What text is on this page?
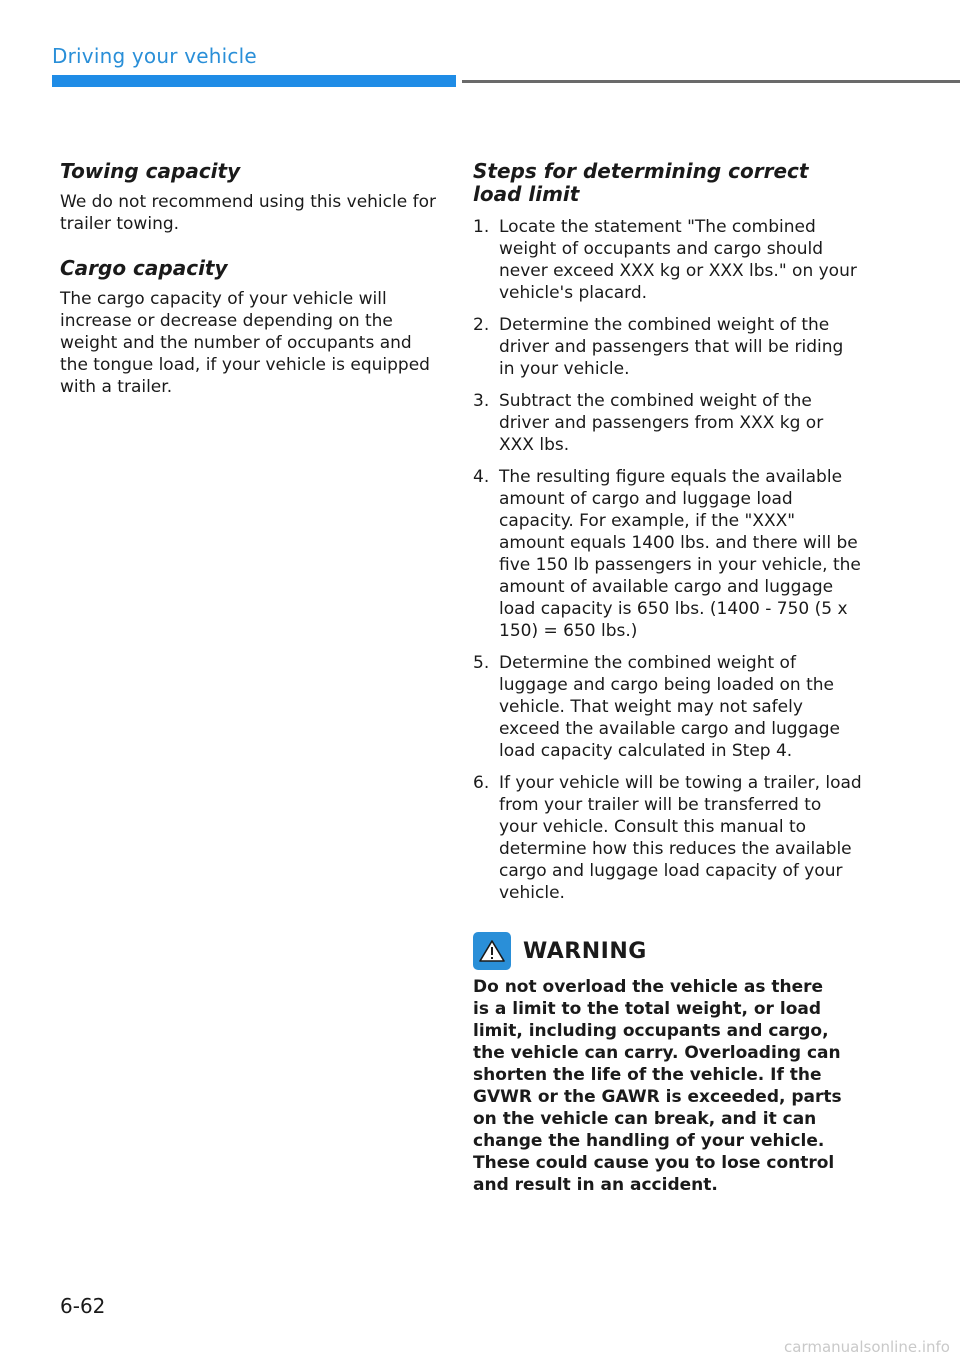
Driving your vehicle
Towing capacity

We do not recommend using this vehicle for trailer towing.

Cargo capacity

The cargo capacity of your vehicle will increase or decrease depending on the weight and the number of occupants and the tongue load, if your vehicle is equipped with a trailer.

Steps for determining correct load limit
1. Locate the statement "The combined weight of occupants and cargo should never exceed XXX kg or XXX lbs." on your vehicle's placard.
2. Determine the combined weight of the driver and passengers that will be riding in your vehicle.
3. Subtract the combined weight of the driver and passengers from XXX kg or XXX lbs.
4. The resulting figure equals the available amount of cargo and luggage load capacity. For example, if the "XXX" amount equals 1400 lbs. and there will be five 150 lb passengers in your vehicle, the amount of available cargo and luggage load capacity is 650 lbs. (1400 - 750 (5 x 150) = 650 lbs.)
5. Determine the combined weight of luggage and cargo being loaded on the vehicle. That weight may not safely exceed the available cargo and luggage load capacity calculated in Step 4.
6. If your vehicle will be towing a trailer, load from your trailer will be transferred to your vehicle. Consult this manual to determine how this reduces the available cargo and luggage load capacity of your vehicle.
WARNING

Do not overload the vehicle as there is a limit to the total weight, or load limit, including occupants and cargo, the vehicle can carry. Overloading can shorten the life of the vehicle. If the GVWR or the GAWR is exceeded, parts on the vehicle can break, and it can change the handling of your vehicle. These could cause you to lose control and result in an accident.

6-62
carmanualsonline.info
